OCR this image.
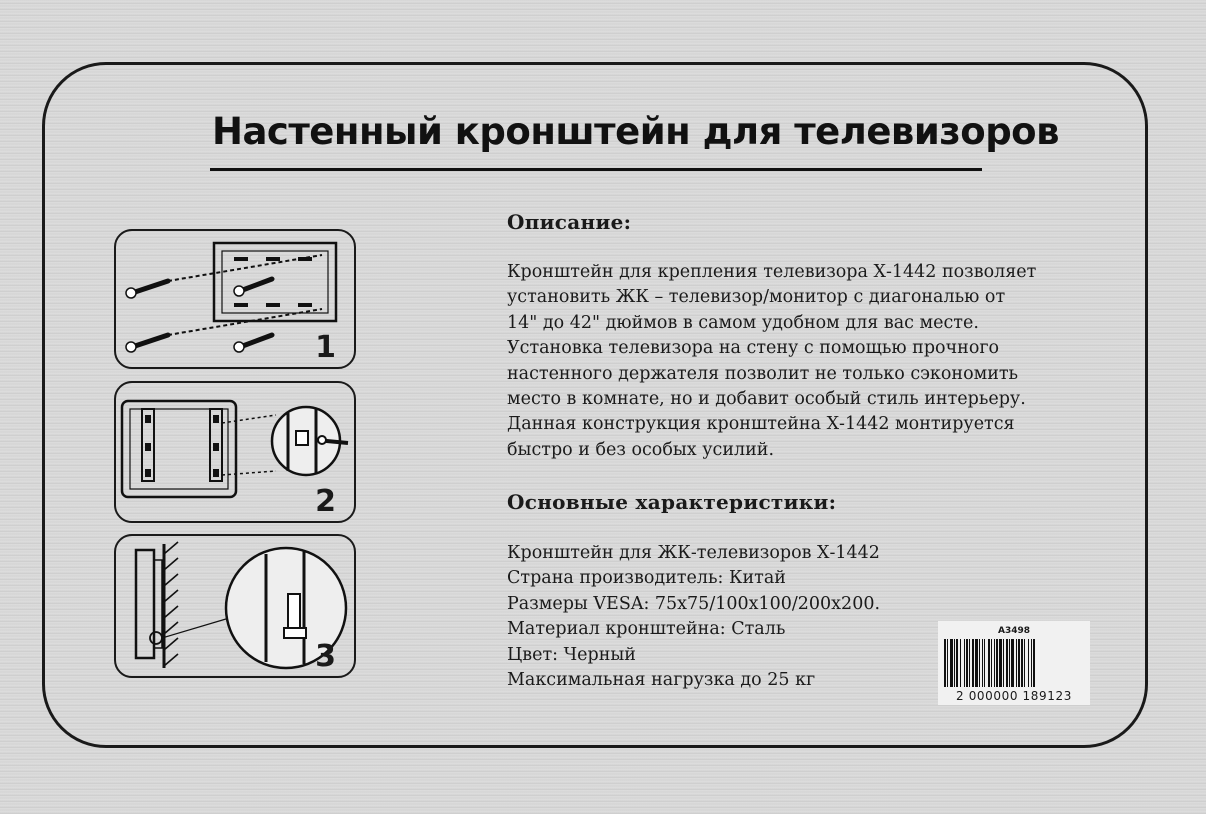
Настенный кронштейн для телевизоров
1
2
3
Описание:
Кронштейн для крепления телевизора Х-1442 позволяет
установить ЖК – телевизор/монитор с диагональю от
14" до 42" дюймов в самом удобном для вас месте.
Установка телевизора на стену с помощью прочного
настенного держателя позволит не только сэкономить
место в комнате, но и добавит особый стиль интерьеру.
Данная конструкция кронштейна Х-1442 монтируется
быстро и без особых усилий.
Основные характеристики:
Кронштейн для ЖК-телевизоров Х-1442
Страна производитель: Китай
Размеры VESA: 75х75/100х100/200х200.
Материал кронштейна: Сталь
Цвет: Черный
Максимальная нагрузка до 25 кг
А3498
2 000000 189123
